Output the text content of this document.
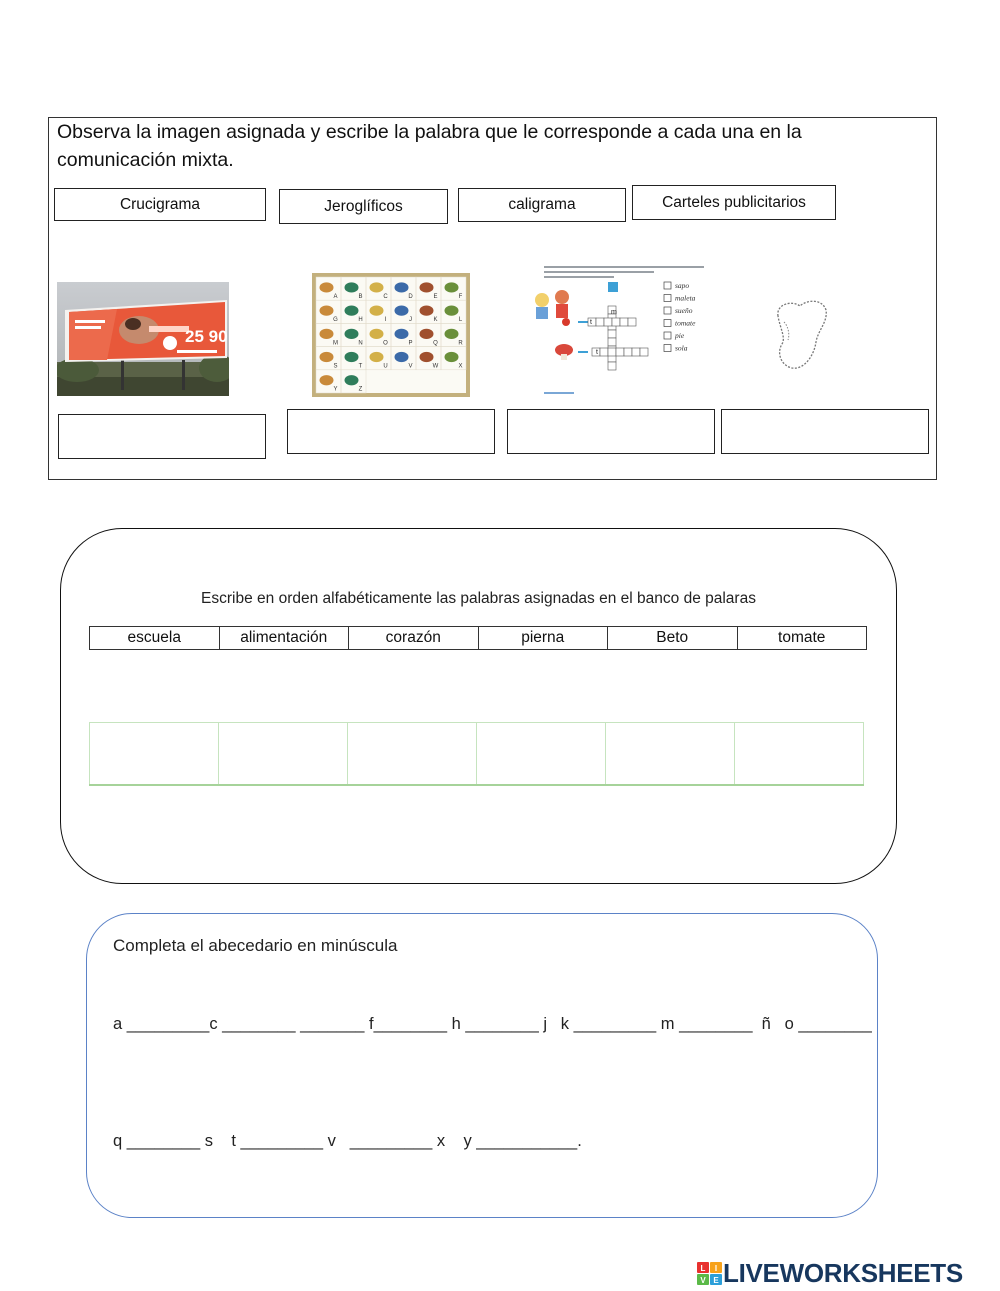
Observa la imagen asignada y escribe la palabra que le corresponde a cada una en la comunicación mixta.
Crucigrama	Jeroglíficos	caligrama	Carteles publicitarios
25 90
A	B	C	D	E	F
G	H	I	J	K	L
M	N	O	P	Q	R
S	T	U	V	W	X
Y	Z
m
t
t
sapo
maleta
sueño
tomate
pie
sola
Escribe en orden alfabéticamente las palabras asignadas en el banco de palaras
escuela	alimentación	corazón	pierna	Beto	tomate

Completa el abecedario en minúscula
a _________c ________ _______ f________ h ________ j   k _________ m ________  ñ   o ________
q ________ s    t _________ v   _________ x    y ___________.
L I
V E LIVEWORKSHEETS
